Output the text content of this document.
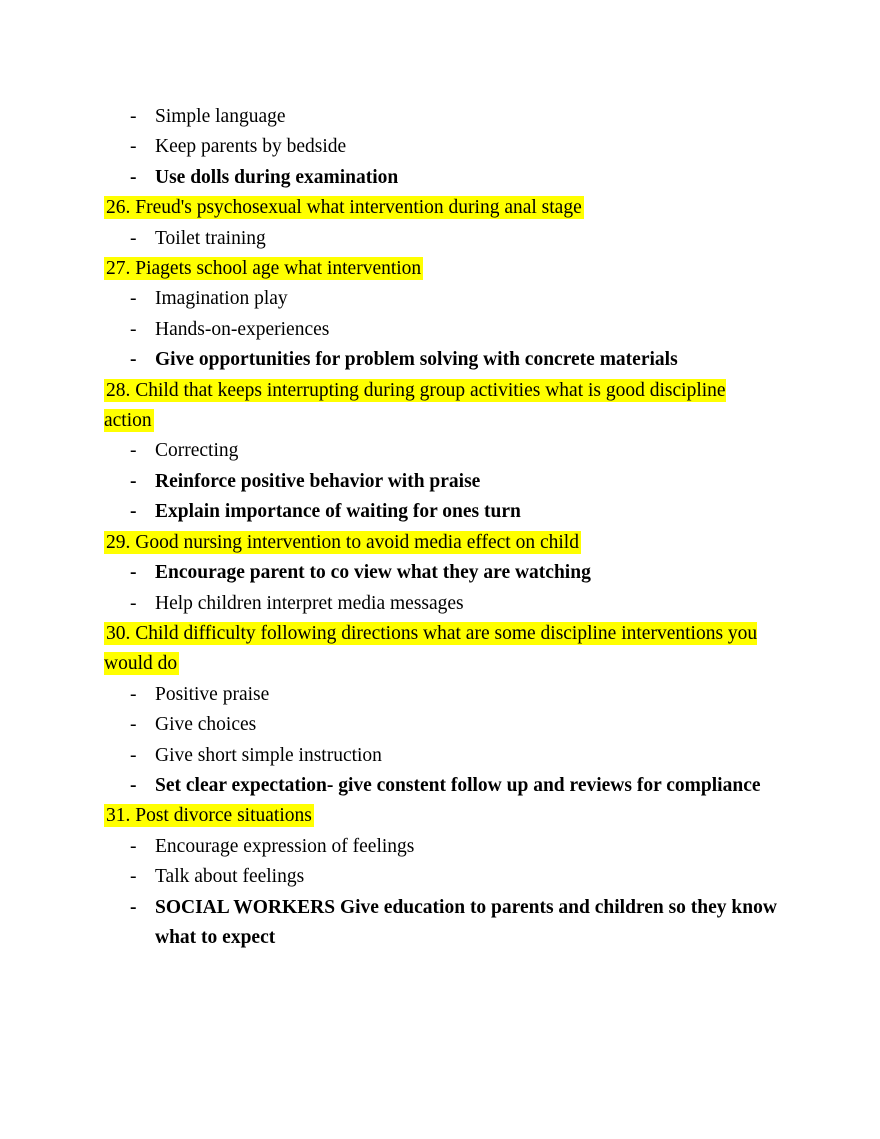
- Simple language
- Keep parents by bedside
- Use dolls during examination
26. Freud's psychosexual what intervention during anal stage
- Toilet training
27. Piagets school age what intervention
- Imagination play
- Hands-on-experiences
- Give opportunities for problem solving with concrete materials
28. Child that keeps interrupting during group activities what is good discipline action
- Correcting
- Reinforce positive behavior with praise
- Explain importance of waiting for ones turn
29. Good nursing intervention to avoid media effect on child
- Encourage parent to co view what they are watching
- Help children interpret media messages
30. Child difficulty following directions what are some discipline interventions you would do
- Positive praise
- Give choices
- Give short simple instruction
- Set clear expectation- give constent follow up and reviews for compliance
31. Post divorce situations
- Encourage expression of feelings
- Talk about feelings
- SOCIAL WORKERS Give education to parents and children so they know what to expect
